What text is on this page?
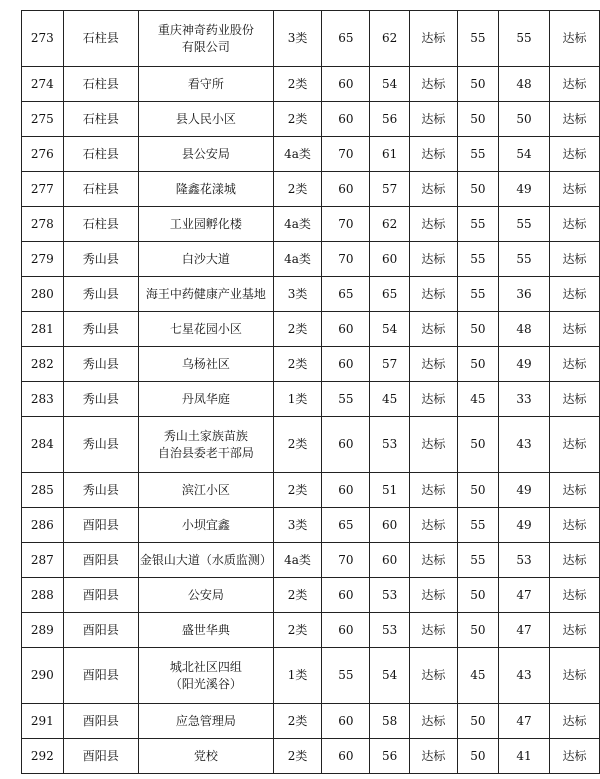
273	石柱县	重庆神奇药业股份
有限公司	3类	65	62	达标	55	55	达标
274	石柱县	看守所	2类	60	54	达标	50	48	达标
275	石柱县	县人民小区	2类	60	56	达标	50	50	达标
276	石柱县	县公安局	4a类	70	61	达标	55	54	达标
277	石柱县	隆鑫花漾城	2类	60	57	达标	50	49	达标
278	石柱县	工业园孵化楼	4a类	70	62	达标	55	55	达标
279	秀山县	白沙大道	4a类	70	60	达标	55	55	达标
280	秀山县	海王中药健康产业基地	3类	65	65	达标	55	36	达标
281	秀山县	七星花园小区	2类	60	54	达标	50	48	达标
282	秀山县	乌杨社区	2类	60	57	达标	50	49	达标
283	秀山县	丹凤华庭	1类	55	45	达标	45	33	达标
284	秀山县	秀山土家族苗族
自治县委老干部局	2类	60	53	达标	50	43	达标
285	秀山县	滨江小区	2类	60	51	达标	50	49	达标
286	酉阳县	小坝宜鑫	3类	65	60	达标	55	49	达标
287	酉阳县	金银山大道（水质监测）	4a类	70	60	达标	55	53	达标
288	酉阳县	公安局	2类	60	53	达标	50	47	达标
289	酉阳县	盛世华典	2类	60	53	达标	50	47	达标
290	酉阳县	城北社区四组
（阳光溪谷）	1类	55	54	达标	45	43	达标
291	酉阳县	应急管理局	2类	60	58	达标	50	47	达标
292	酉阳县	党校	2类	60	56	达标	50	41	达标
